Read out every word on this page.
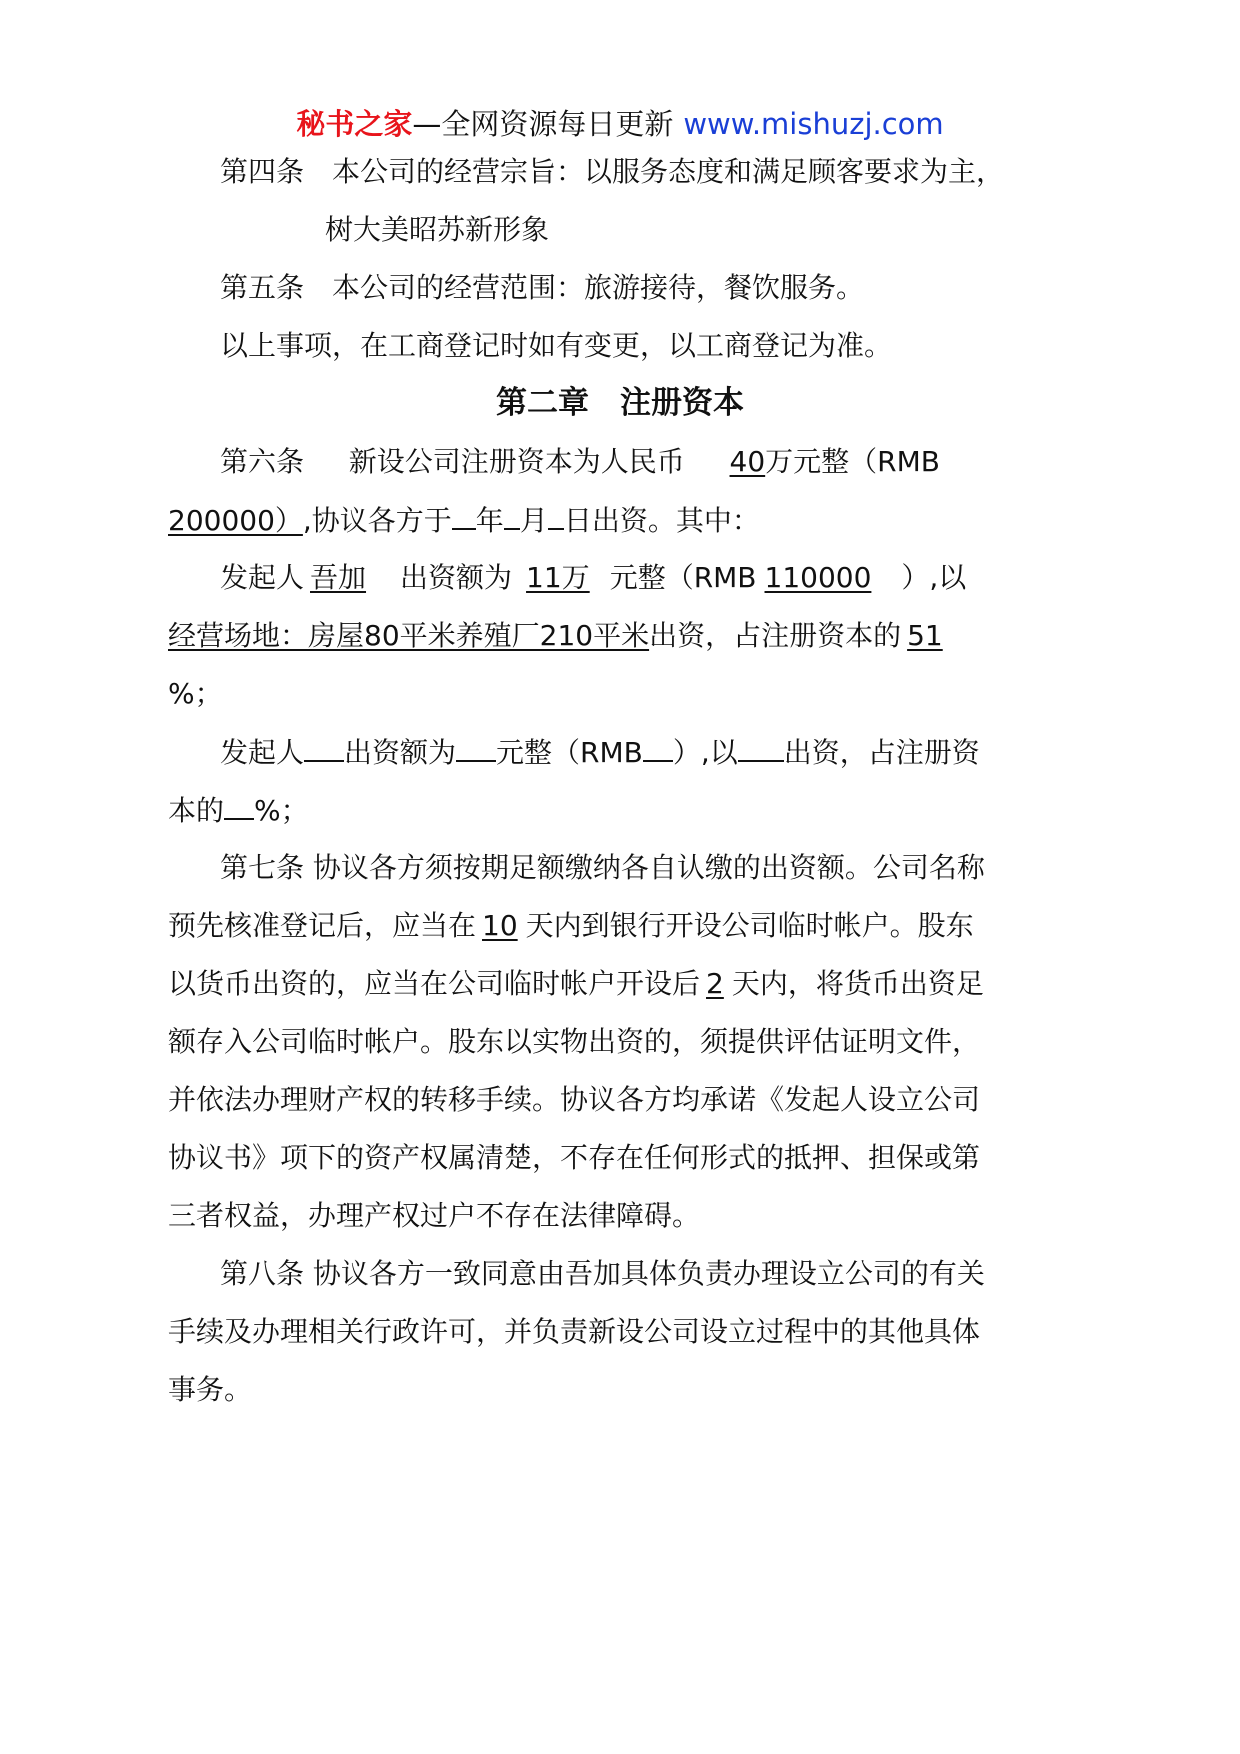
秘书之家—全网资源每日更新 www.mishuzj.com
第四条 本公司的经营宗旨：以服务态度和满足顾客要求为主，
树大美昭苏新形象
第五条 本公司的经营范围：旅游接待，餐饮服务。
以上事项，在工商登记时如有变更，以工商登记为准。
第二章　注册资本
第六条 新设公司注册资本为人民币 40万元整（RMB
200000）,协议各方于 年 月 日出资。其中：
发起人 吾加 出资额为 11万 元整（RMB 110000 ）,以
经营场地：房屋80平米养殖厂210平米出资，占注册资本的 51
%；
发起人 出资额为 元整（RMB ）,以 出资，占注册资
本的 %；
第七条 协议各方须按期足额缴纳各自认缴的出资额。公司名称
预先核准登记后，应当在 10 天内到银行开设公司临时帐户。股东
以货币出资的，应当在公司临时帐户开设后 2 天内，将货币出资足
额存入公司临时帐户。股东以实物出资的，须提供评估证明文件，
并依法办理财产权的转移手续。协议各方均承诺《发起人设立公司
协议书》项下的资产权属清楚，不存在任何形式的抵押、担保或第
三者权益，办理产权过户不存在法律障碍。
第八条 协议各方一致同意由吾加具体负责办理设立公司的有关
手续及办理相关行政许可，并负责新设公司设立过程中的其他具体
事务。
